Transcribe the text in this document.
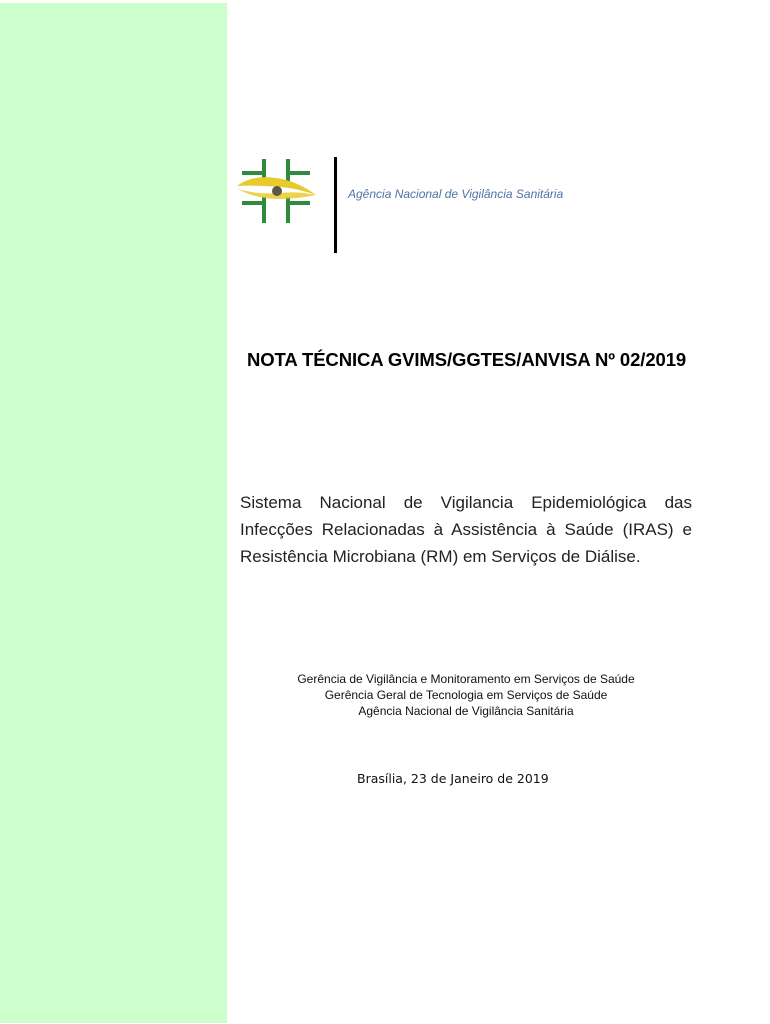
Agência Nacional de Vigilância Sanitária
NOTA TÉCNICA GVIMS/GGTES/ANVISA Nº 02/2019

Sistema Nacional de Vigilancia Epidemiológica das Infecções Relacionadas à Assistência à Saúde (IRAS) e Resistência Microbiana (RM) em Serviços de Diálise.

Gerência de Vigilância e Monitoramento em Serviços de Saúde
Gerência Geral de Tecnologia em Serviços de Saúde
Agência Nacional de Vigilância Sanitária
Brasília, 23 de Janeiro de 2019
